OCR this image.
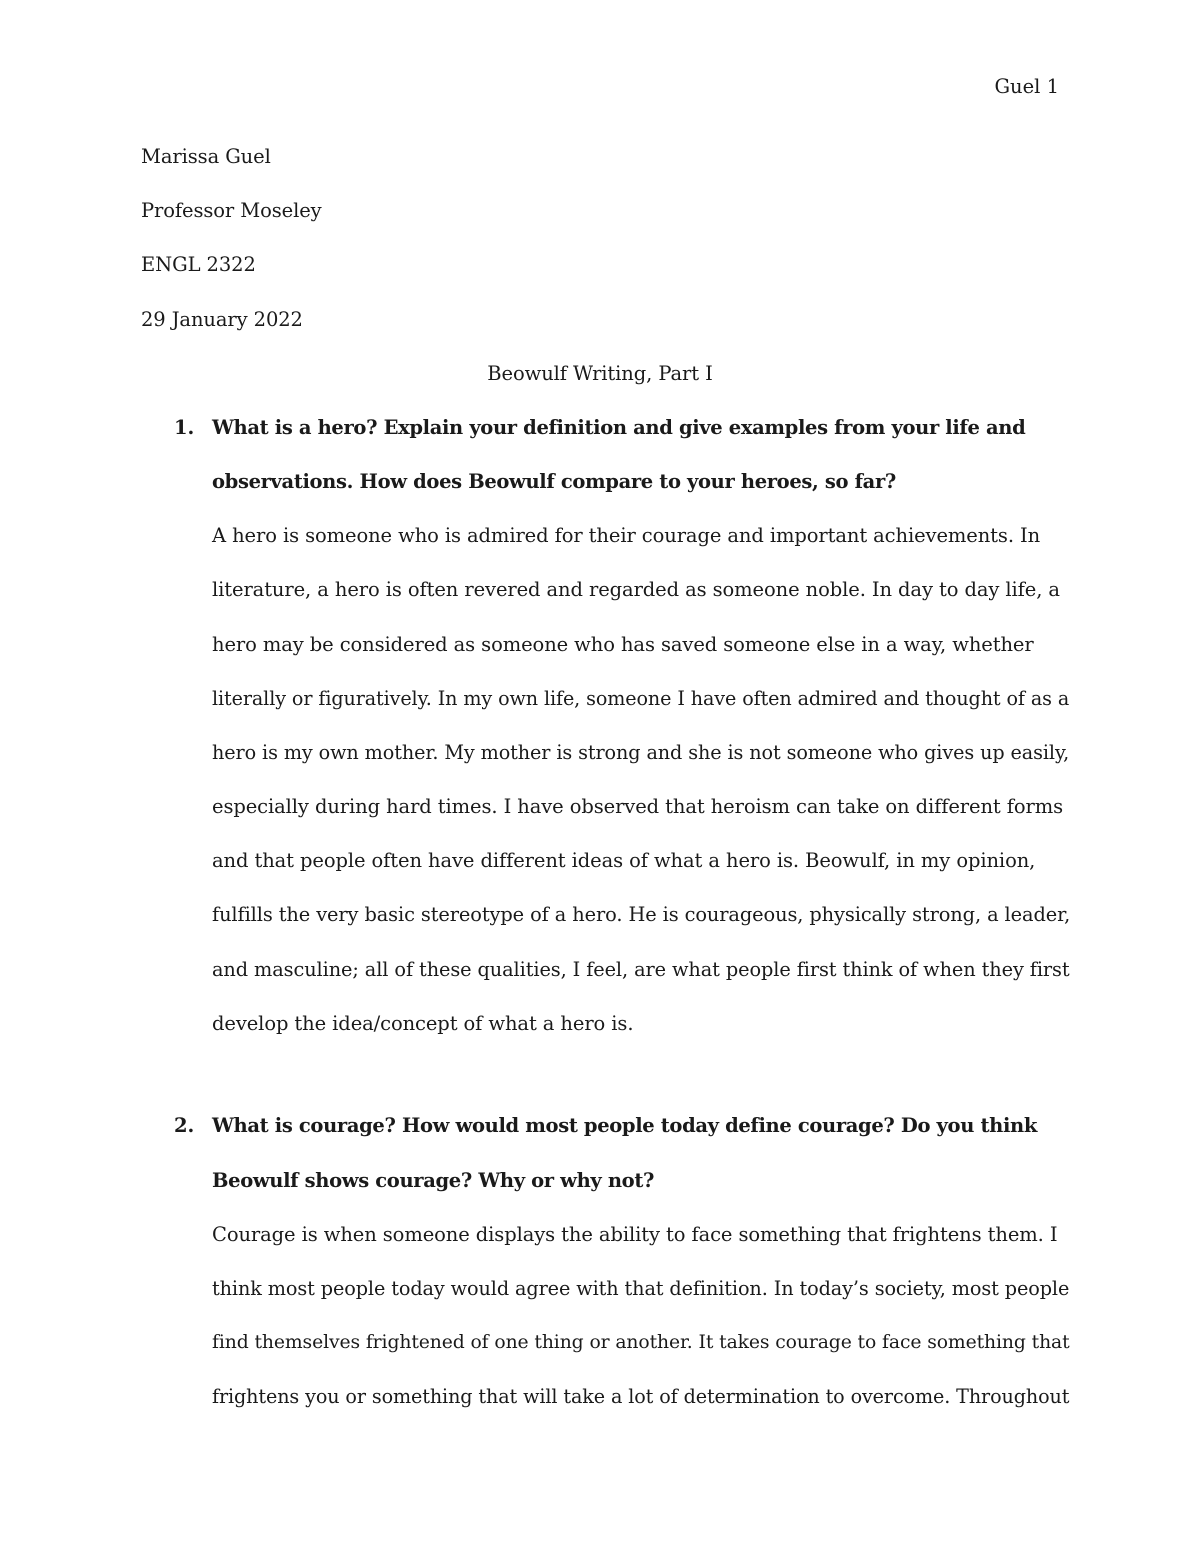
Guel 1
Marissa Guel
Professor Moseley
ENGL 2322
29 January 2022
Beowulf Writing, Part I
1. What is a hero? Explain your definition and give examples from your life and
observations. How does Beowulf compare to your heroes, so far?
A hero is someone who is admired for their courage and important achievements. In
literature, a hero is often revered and regarded as someone noble. In day to day life, a
hero may be considered as someone who has saved someone else in a way, whether
literally or figuratively. In my own life, someone I have often admired and thought of as a
hero is my own mother. My mother is strong and she is not someone who gives up easily,
especially during hard times. I have observed that heroism can take on different forms
and that people often have different ideas of what a hero is. Beowulf, in my opinion,
fulfills the very basic stereotype of a hero. He is courageous, physically strong, a leader,
and masculine; all of these qualities, I feel, are what people first think of when they first
develop the idea/concept of what a hero is.
2. What is courage? How would most people today define courage? Do you think
Beowulf shows courage? Why or why not?
Courage is when someone displays the ability to face something that frightens them. I
think most people today would agree with that definition. In today’s society, most people
find themselves frightened of one thing or another. It takes courage to face something that
frightens you or something that will take a lot of determination to overcome. Throughout
